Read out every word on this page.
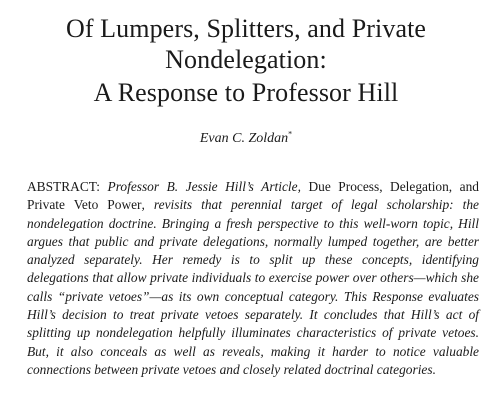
Of Lumpers, Splitters, and Private
Nondelegation:
A Response to Professor Hill
Evan C. Zoldan*

ABSTRACT: Professor B. Jessie Hill’s Article, Due Process, Delegation, and Private Veto Power, revisits that perennial target of legal scholarship: the nondelegation doctrine. Bringing a fresh perspective to this well-worn topic, Hill argues that public and private delegations, normally lumped together, are better analyzed separately. Her remedy is to split up these concepts, identifying delegations that allow private individuals to exercise power over others—which she calls “private vetoes”—as its own conceptual category. This Response evaluates Hill’s decision to treat private vetoes separately. It concludes that Hill’s act of splitting up nondelegation helpfully illuminates characteristics of private vetoes. But, it also conceals as well as reveals, making it harder to notice valuable connections between private vetoes and closely related doctrinal categories.
